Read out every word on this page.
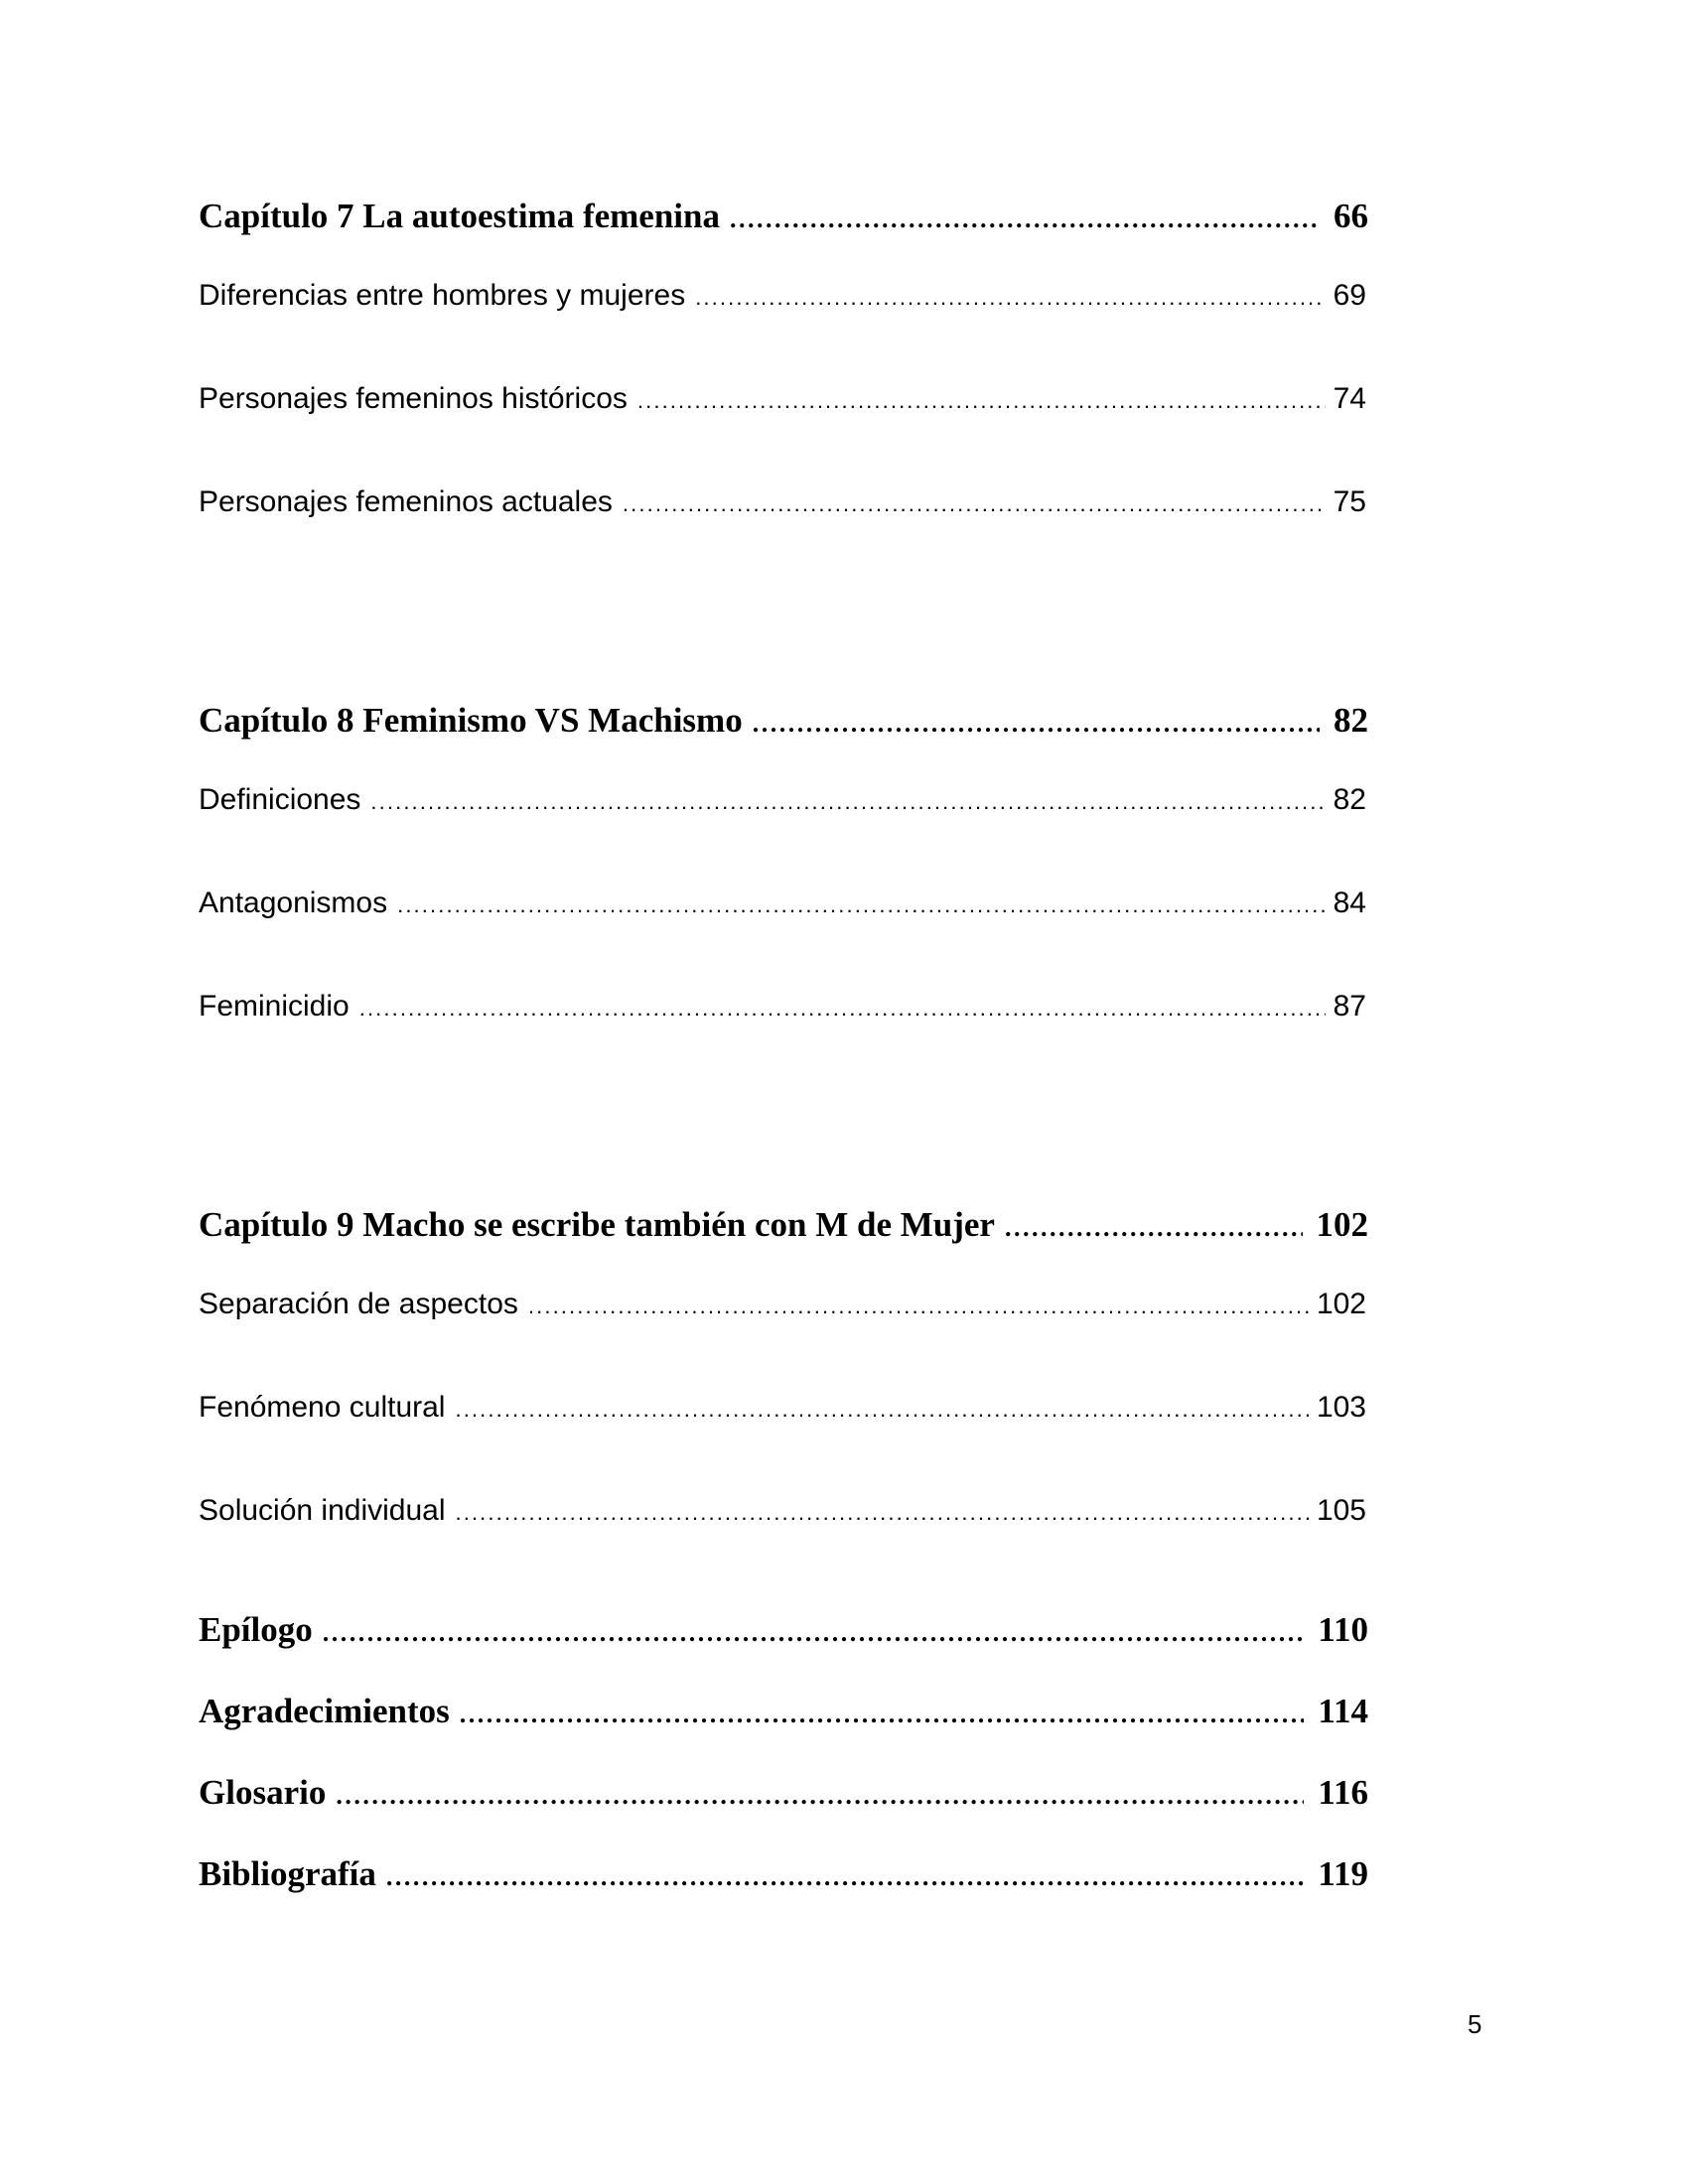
Capítulo 7 La autoestima femenina . . .	66
Diferencias entre hombres y mujeres . . .	69
Personajes femeninos históricos . . .	74
Personajes femeninos actuales . . .	75
Capítulo 8 Feminismo VS Machismo . . .	82
Definiciones . . .	82
Antagonismos . . .	84
Feminicidio . . .	87
Capítulo 9 Macho se escribe también con M de Mujer . . .	102
Separación de aspectos . . .	102
Fenómeno cultural . . .	103
Solución individual . . .	105
Epílogo . . .	110
Agradecimientos . . .	114
Glosario . . .	116
Bibliografía . . .	119
5
